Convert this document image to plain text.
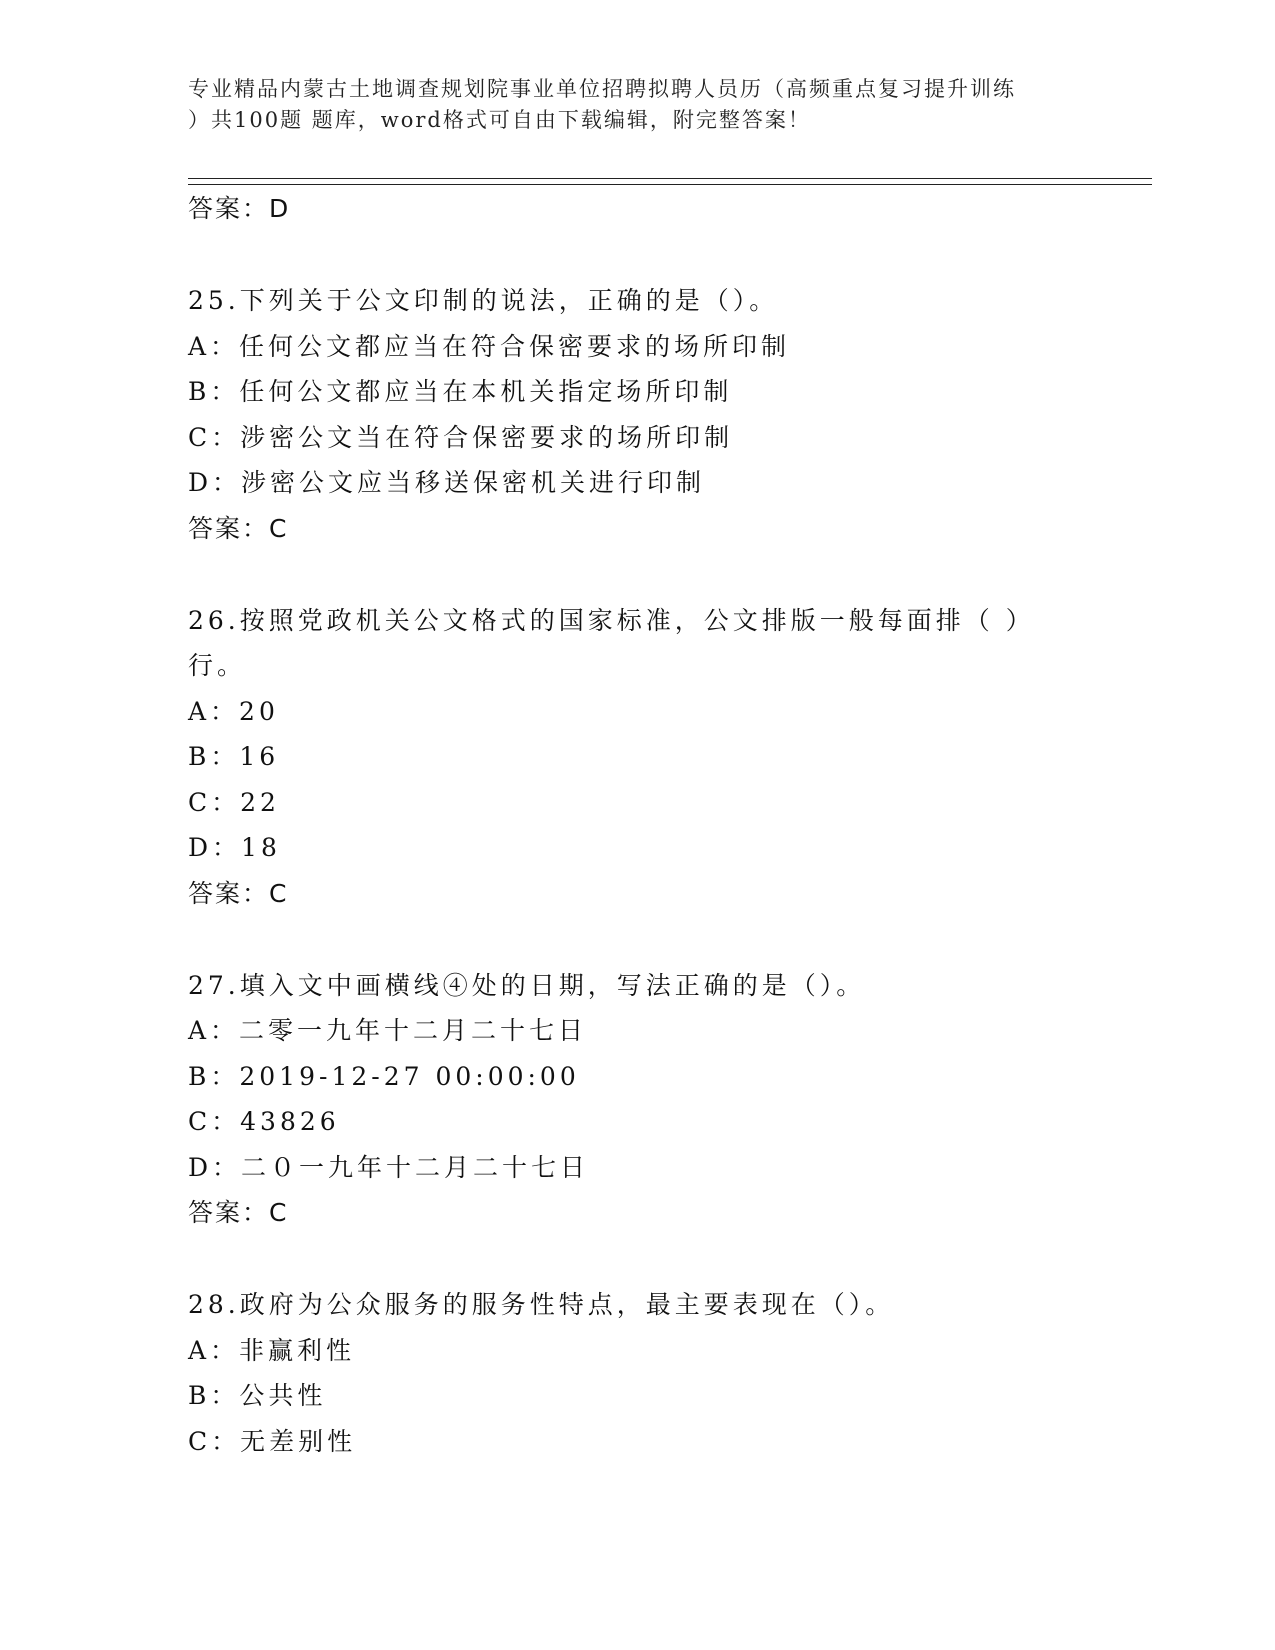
专业精品内蒙古土地调查规划院事业单位招聘拟聘人员历（高频重点复习提升训练
）共100题 题库，word格式可自由下载编辑，附完整答案！
答案：D
25.下列关于公文印制的说法，正确的是（）。
A：任何公文都应当在符合保密要求的场所印制
B：任何公文都应当在本机关指定场所印制
C：涉密公文当在符合保密要求的场所印制
D：涉密公文应当移送保密机关进行印制
答案：C
26.按照党政机关公文格式的国家标准，公文排版一般每面排（ ）
行。
A：20
B：16
C：22
D：18
答案：C
27.填入文中画横线④处的日期，写法正确的是（）。
A：二零一九年十二月二十七日
B：2019-12-27 00:00:00
C：43826
D：二０一九年十二月二十七日
答案：C
28.政府为公众服务的服务性特点，最主要表现在（）。
A：非赢利性
B：公共性
C：无差别性
